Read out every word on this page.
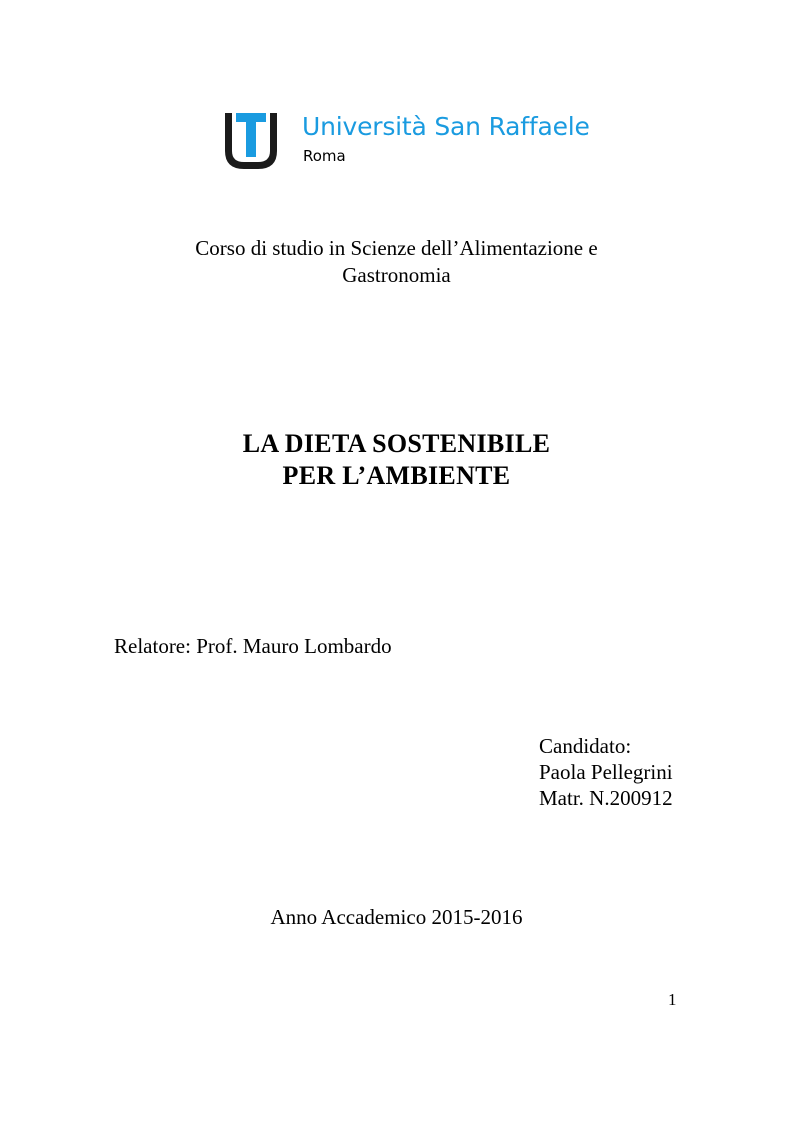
Università San Raffaele
Roma
Corso di studio in Scienze dell’Alimentazione e
Gastronomia
LA DIETA SOSTENIBILE
PER L’AMBIENTE
Relatore: Prof. Mauro Lombardo
Candidato:
Paola Pellegrini
Matr. N.200912
Anno Accademico 2015-2016
1
